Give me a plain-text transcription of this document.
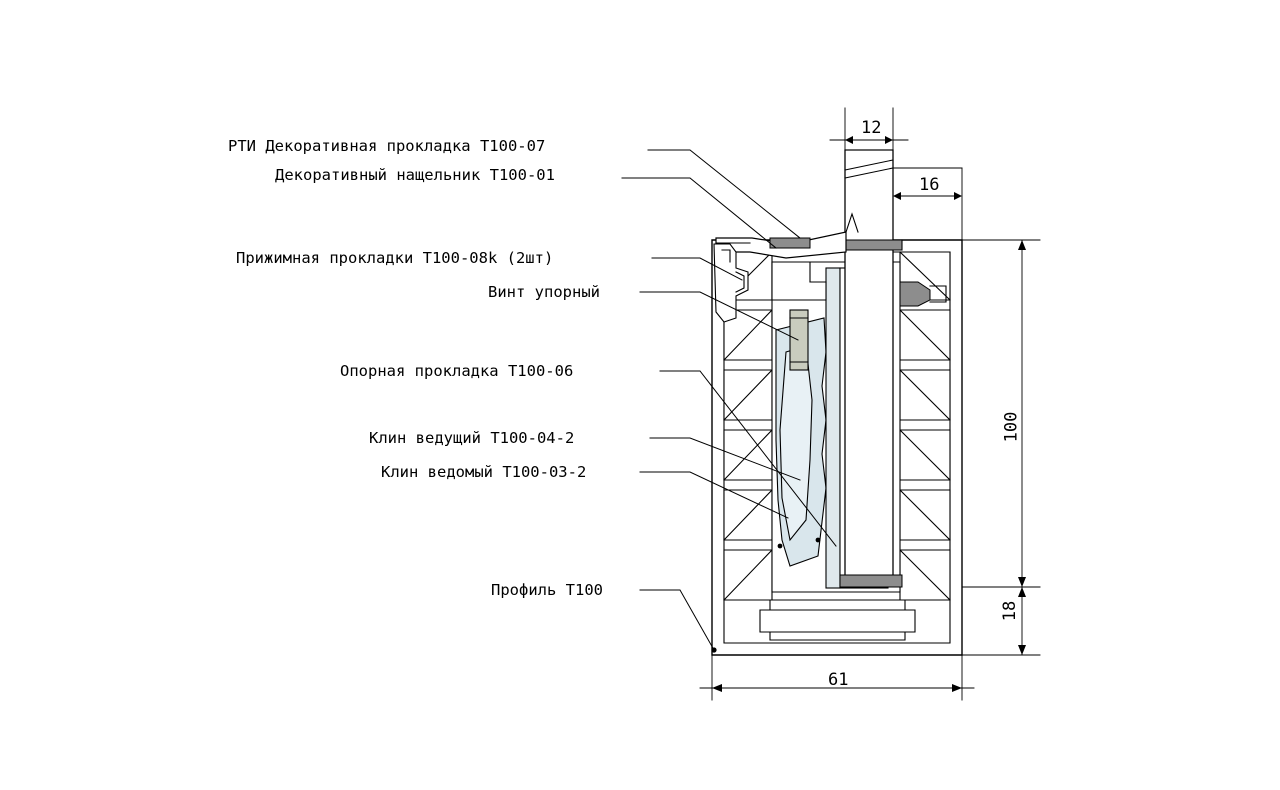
РТИ Декоративная прокладка T100-07
Декоративный нащельник T100-01
Прижимная прокладки T100-08k (2шт)
Винт упорный
Опорная прокладка T100-06
Клин ведущий T100-04-2
Клин ведомый T100-03-2
Профиль T100
12
16
100
18
61
